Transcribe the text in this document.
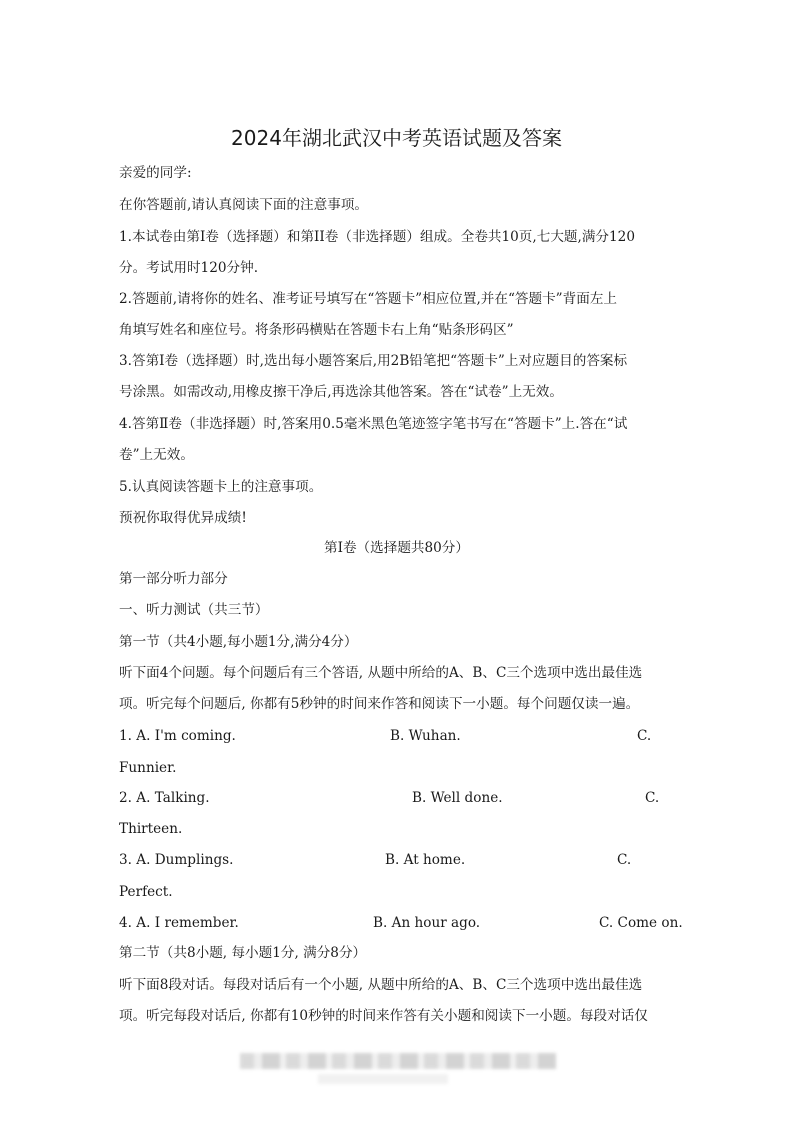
2024年湖北武汉中考英语试题及答案
亲爱的同学:
在你答题前,请认真阅读下面的注意事项。
1.本试卷由第Ⅰ卷（选择题）和第II卷（非选择题）组成。全卷共10页,七大题,满分120
分。考试用时120分钟.
2.答题前,请将你的姓名、准考证号填写在“答题卡”相应位置,并在“答题卡”背面左上
角填写姓名和座位号。将条形码横贴在答题卡右上角“贴条形码区”
3.答第Ⅰ卷（选择题）时,选出每小题答案后,用2B铅笔把“答题卡”上对应题目的答案标
号涂黑。如需改动,用橡皮擦干净后,再选涂其他答案。答在“试卷”上无效。
4.答第Ⅱ卷（非选择题）时,答案用0.5毫米黑色笔迹签字笔书写在“答题卡”上.答在“试
卷”上无效。
5.认真阅读答题卡上的注意事项。
预祝你取得优异成绩!
第Ⅰ卷（选择题共80分）
第一部分听力部分
一、听力测试（共三节）
第一节（共4小题,每小题1分,满分4分）
听下面4个问题。每个问题后有三个答语, 从题中所给的A、B、C三个选项中选出最佳选
项。听完每个问题后, 你都有5秒钟的时间来作答和阅读下一小题。每个问题仅读一遍。
1. A. I'm coming.	B. Wuhan.	C.
Funnier.
2. A. Talking.	B. Well done.	C.
Thirteen.
3. A. Dumplings.	B. At home.	C.
Perfect.
4. A. I remember.	B. An hour ago.	C. Come on.
第二节（共8小题, 每小题1分, 满分8分）
听下面8段对话。每段对话后有一个小题, 从题中所给的A、B、C三个选项中选出最佳选
项。听完每段对话后, 你都有10秒钟的时间来作答有关小题和阅读下一小题。每段对话仅
